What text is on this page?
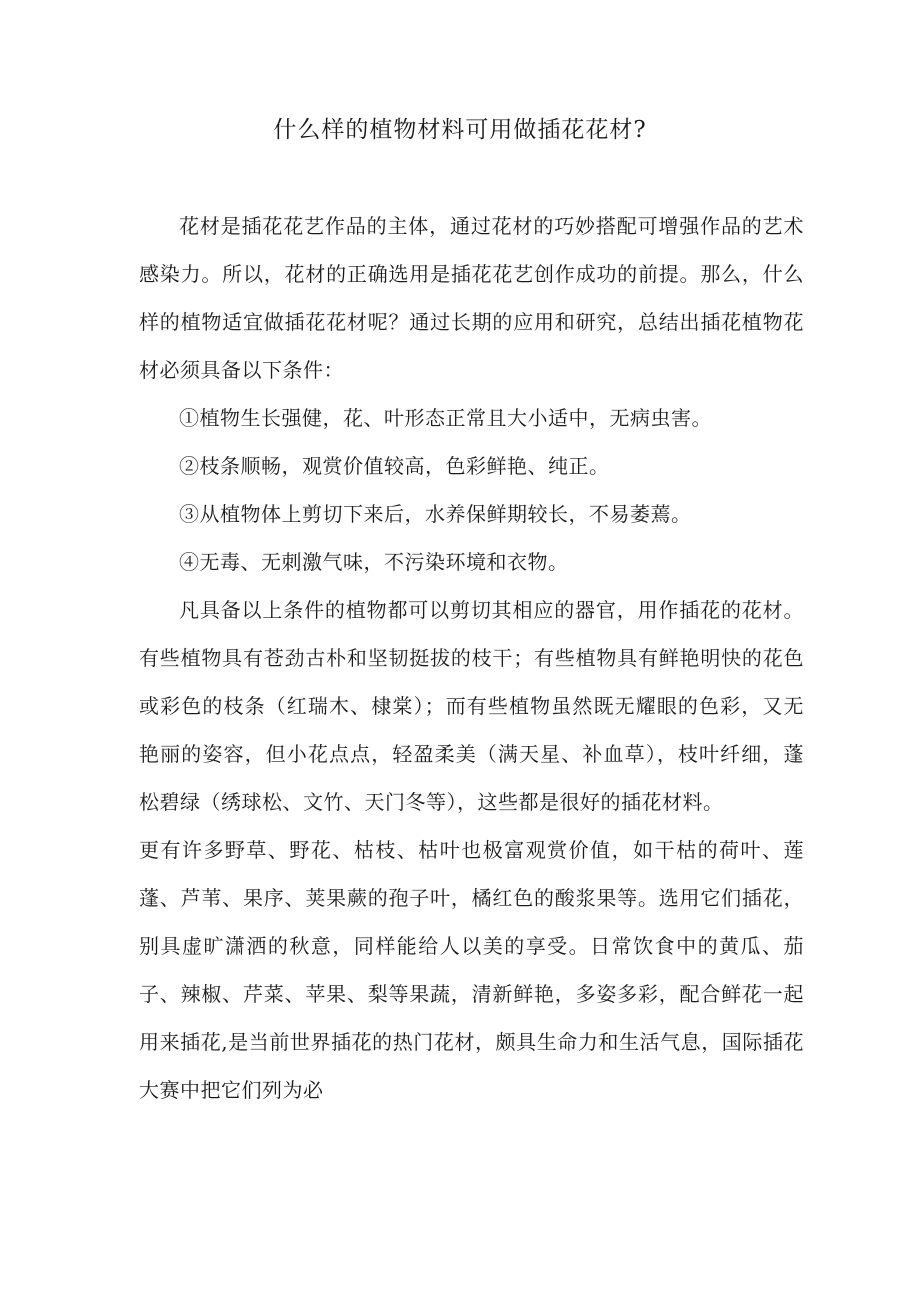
什么样的植物材料可用做插花花材?

花材是插花花艺作品的主体，通过花材的巧妙搭配可增强作品的艺术感染力。所以，花材的正确选用是插花花艺创作成功的前提。那么，什么样的植物适宜做插花花材呢？通过长期的应用和研究，总结出插花植物花材必须具备以下条件：

①植物生长强健，花、叶形态正常且大小适中，无病虫害。

②枝条顺畅，观赏价值较高，色彩鲜艳、纯正。

③从植物体上剪切下来后，水养保鲜期较长，不易萎蔫。

④无毒、无刺激气味，不污染环境和衣物。

凡具备以上条件的植物都可以剪切其相应的器官，用作插花的花材。有些植物具有苍劲古朴和坚韧挺拔的枝干；有些植物具有鲜艳明快的花色或彩色的枝条（红瑞木、棣棠）；而有些植物虽然既无耀眼的色彩，又无艳丽的姿容，但小花点点，轻盈柔美（满天星、补血草），枝叶纤细，蓬松碧绿（绣球松、文竹、天门冬等），这些都是很好的插花材料。

更有许多野草、野花、枯枝、枯叶也极富观赏价值，如干枯的荷叶、莲蓬、芦苇、果序、荚果蕨的孢子叶，橘红色的酸浆果等。选用它们插花，别具虚旷潇洒的秋意，同样能给人以美的享受。日常饮食中的黄瓜、茄子、辣椒、芹菜、苹果、梨等果蔬，清新鲜艳，多姿多彩，配合鲜花一起用来插花,是当前世界插花的热门花材，颇具生命力和生活气息，国际插花大赛中把它们列为必
